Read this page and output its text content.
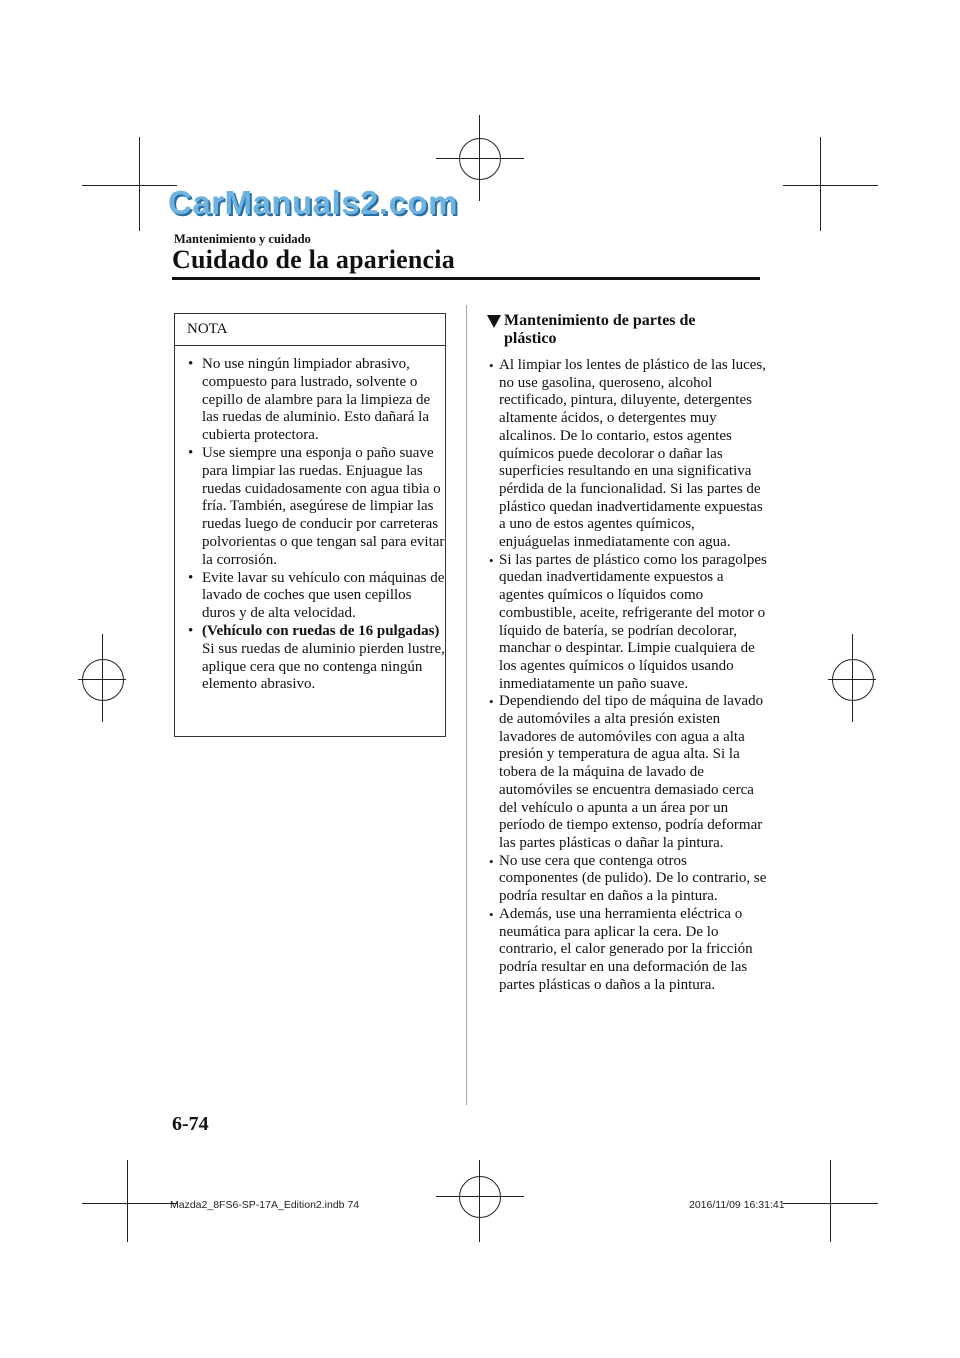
CarManuals2.com
Mantenimiento y cuidado
Cuidado de la apariencia
NOTA
• No use ningún limpiador abrasivo, compuesto para lustrado, solvente o cepillo de alambre para la limpieza de las ruedas de aluminio. Esto dañará la cubierta protectora.
• Use siempre una esponja o paño suave para limpiar las ruedas. Enjuague las ruedas cuidadosamente con agua tibia o fría. También, asegúrese de limpiar las ruedas luego de conducir por carreteras polvorientas o que tengan sal para evitar la corrosión.
• Evite lavar su vehículo con máquinas de lavado de coches que usen cepillos duros y de alta velocidad.
• (Vehículo con ruedas de 16 pulgadas)
Si sus ruedas de aluminio pierden lustre, aplique cera que no contenga ningún elemento abrasivo.
Mantenimiento de partes de plástico
• Al limpiar los lentes de plástico de las luces, no use gasolina, queroseno, alcohol rectificado, pintura, diluyente, detergentes altamente ácidos, o detergentes muy alcalinos. De lo contario, estos agentes químicos puede decolorar o dañar las superficies resultando en una significativa pérdida de la funcionalidad. Si las partes de plástico quedan inadvertidamente expuestas a uno de estos agentes químicos, enjuáguelas inmediatamente con agua.
• Si las partes de plástico como los paragolpes quedan inadvertidamente expuestos a agentes químicos o líquidos como combustible, aceite, refrigerante del motor o líquido de batería, se podrían decolorar, manchar o despintar. Limpie cualquiera de los agentes químicos o líquidos usando inmediatamente un paño suave.
• Dependiendo del tipo de máquina de lavado de automóviles a alta presión existen lavadores de automóviles con agua a alta presión y temperatura de agua alta. Si la tobera de la máquina de lavado de automóviles se encuentra demasiado cerca del vehículo o apunta a un área por un período de tiempo extenso, podría deformar las partes plásticas o dañar la pintura.
• No use cera que contenga otros componentes (de pulido). De lo contrario, se podría resultar en daños a la pintura.
• Además, use una herramienta eléctrica o neumática para aplicar la cera. De lo contrario, el calor generado por la fricción podría resultar en una deformación de las partes plásticas o daños a la pintura.
6-74
Mazda2_8FS6-SP-17A_Edition2.indb 74	2016/11/09 16:31:41
